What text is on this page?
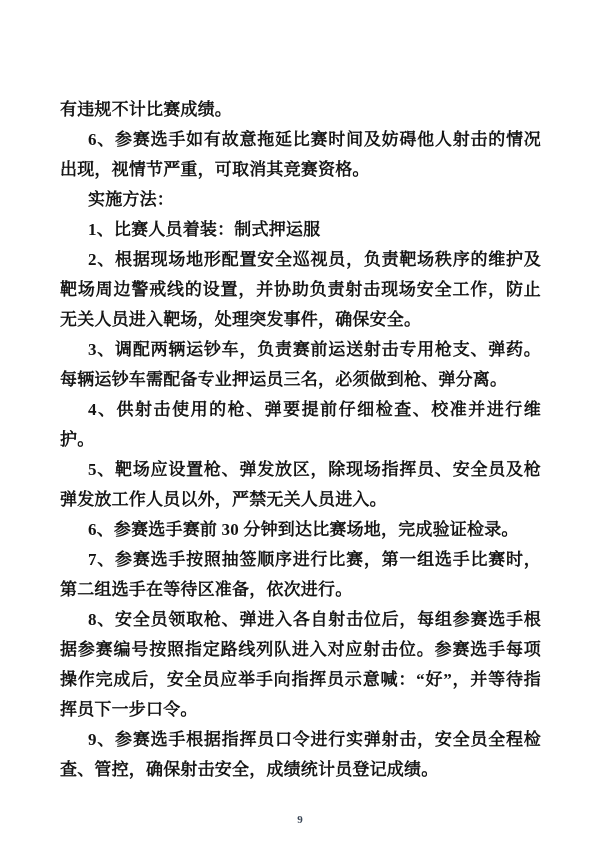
有违规不计比赛成绩。

6、参赛选手如有故意拖延比赛时间及妨碍他人射击的情况出现，视情节严重，可取消其竞赛资格。

实施方法：

1、比赛人员着装：制式押运服

2、根据现场地形配置安全巡视员，负责靶场秩序的维护及靶场周边警戒线的设置，并协助负责射击现场安全工作，防止无关人员进入靶场，处理突发事件，确保安全。

3、调配两辆运钞车，负责赛前运送射击专用枪支、弹药。每辆运钞车需配备专业押运员三名，必须做到枪、弹分离。

4、供射击使用的枪、弹要提前仔细检查、校准并进行维护。

5、靶场应设置枪、弹发放区，除现场指挥员、安全员及枪弹发放工作人员以外，严禁无关人员进入。

6、参赛选手赛前 30 分钟到达比赛场地，完成验证检录。

7、参赛选手按照抽签顺序进行比赛，第一组选手比赛时，第二组选手在等待区准备，依次进行。

8、安全员领取枪、弹进入各自射击位后，每组参赛选手根据参赛编号按照指定路线列队进入对应射击位。参赛选手每项操作完成后，安全员应举手向指挥员示意喊：“好”，并等待指挥员下一步口令。

9、参赛选手根据指挥员口令进行实弹射击，安全员全程检查、管控，确保射击安全，成绩统计员登记成绩。

9
